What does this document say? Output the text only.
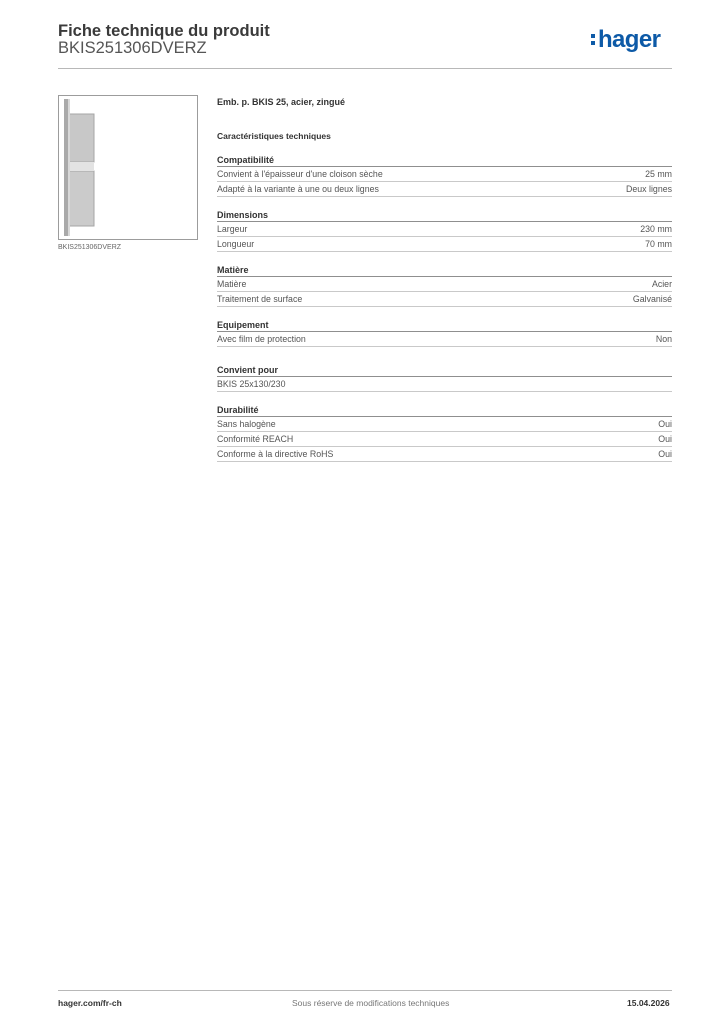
Fiche technique du produit
BKIS251306DVERZ	hager
BKIS251306DVERZ
Emb. p. BKIS 25, acier, zingué
Caractéristiques techniques
Compatibilité
Convient à l'épaisseur d'une cloison sèche	25 mm
Adapté à la variante à une ou deux lignes	Deux lignes
Dimensions
Largeur	230 mm
Longueur	70 mm
Matière
Matière	Acier
Traitement de surface	Galvanisé
Equipement
Avec film de protection	Non
Convient pour
BKIS 25x130/230
Durabilité
Sans halogène	Oui
Conformité REACH	Oui
Conforme à la directive RoHS	Oui
hager.com/fr-ch	Sous réserve de modifications techniques	15.04.2026
